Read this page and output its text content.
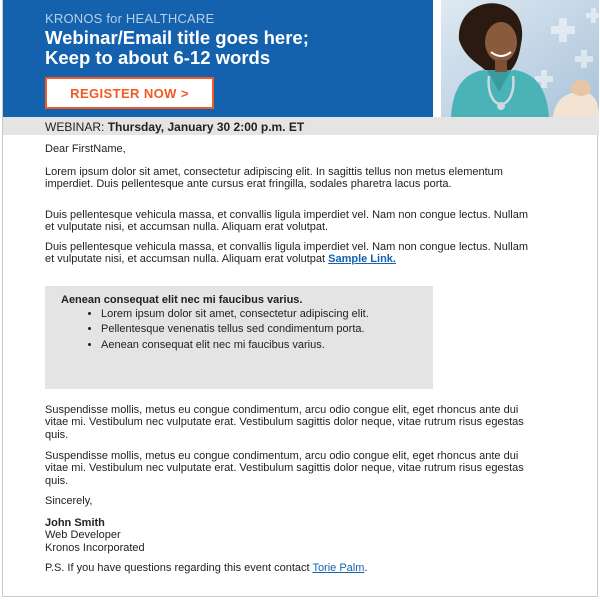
KRONOS for HEALTHCARE
Webinar/Email title goes here;
Keep to about 6-12 words
REGISTER NOW >
WEBINAR: Thursday, January 30 2:00 p.m. ET
Dear FirstName,
Lorem ipsum dolor sit amet, consectetur adipiscing elit. In sagittis tellus non metus elementum imperdiet. Duis pellentesque ante cursus erat fringilla, sodales pharetra lacus porta.
Duis pellentesque vehicula massa, et convallis ligula imperdiet vel. Nam non congue lectus. Nullam et vulputate nisi, et accumsan nulla. Aliquam erat volutpat.
Duis pellentesque vehicula massa, et convallis ligula imperdiet vel. Nam non congue lectus. Nullam et vulputate nisi, et accumsan nulla. Aliquam erat volutpat Sample Link.
Aenean consequat elit nec mi faucibus varius.
• Lorem ipsum dolor sit amet, consectetur adipiscing elit.
• Pellentesque venenatis tellus sed condimentum porta.
• Aenean consequat elit nec mi faucibus varius.
Suspendisse mollis, metus eu congue condimentum, arcu odio congue elit, eget rhoncus ante dui vitae mi. Vestibulum nec vulputate erat. Vestibulum sagittis dolor neque, vitae rutrum risus egestas quis.
Suspendisse mollis, metus eu congue condimentum, arcu odio congue elit, eget rhoncus ante dui vitae mi. Vestibulum nec vulputate erat. Vestibulum sagittis dolor neque, vitae rutrum risus egestas quis.
Sincerely,
John Smith
Web Developer
Kronos Incorporated
P.S. If you have questions regarding this event contact Torie Palm.
